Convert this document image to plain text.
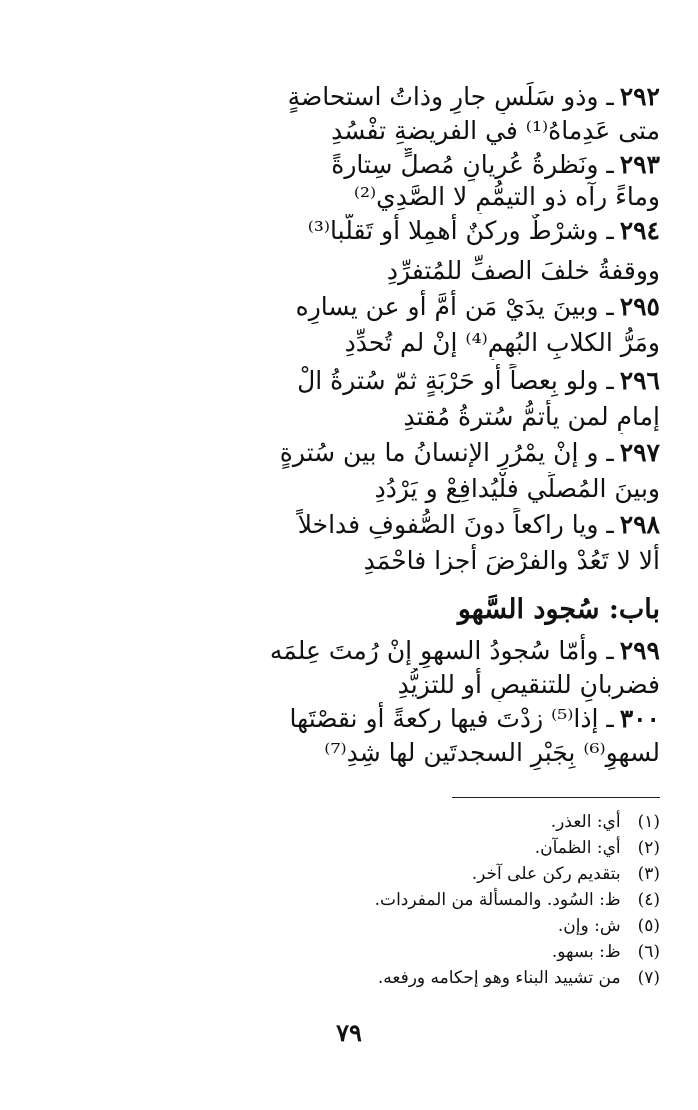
٢٩٢ـ وذو سَلَسٍ جارٍ وذاتُ استحاضةٍ
متى عَدِماهُ⁽¹⁾ في الفريضةِ تفْسُدِ
٢٩٣ـ ونَظرةُ عُريانٍ مُصلٍّ سِتارةً
وماءً رآه ذو التيمُّمِ لا الصَّدِي⁽²⁾
٢٩٤ـ وشرْطٌ وركنٌ أُهمِلا أو تَقلَّبا⁽³⁾
ووقفةُ خلفَ الصفِّ للمُتفرِّدِ
٢٩٥ـ وبينَ يدَيْ مَن أمَّ أو عن يسارِه
ومَرُّ الكلابِ البُهمِ⁽⁴⁾ إنْ لم تُحدِّدِ
٢٩٦ـ ولو بِعصاً أو حَرْبَةٍ ثمّ سُترةُ الْ
إمامِ لمن يأتمُّ سُترةُ مُقتدِ
٢٩٧ـ و إنْ يمْرُرِ الإنسانُ ما بين سُترةٍ
وبينَ المُصلِّي فلْيُدافِعْ و يَرْدُدِ
٢٩٨ـ ويا راكعاً دونَ الصُّفوفِ فداخلاً
ألا لا تَعُدْ والفرْضَ أجزا فاحْمَدِ
باب: سُجود السَّهو
٢٩٩ـ وأمّا سُجودُ السهوِ إنْ رُمتَ عِلمَه
فضربانِ للتنقيصِ أو للتزيُّدِ
٣٠٠ـ إذا⁽⁵⁾ زدْتَ فيها ركعةً أو نقصْتَها
لسهوٍ⁽⁶⁾ بِجَبْرِ السجدتَين لها شِدِ⁽⁷⁾
(١) أي: العذر.
(٢) أي: الظمآن.
(٣) بتقديم ركن على آخر.
(٤) ظ: السُود. والمسألة من المفردات.
(٥) ش: وإن.
(٦) ظ: بسهو.
(٧) من تشييد البناء وهو إحكامه ورفعه.
٧٩
